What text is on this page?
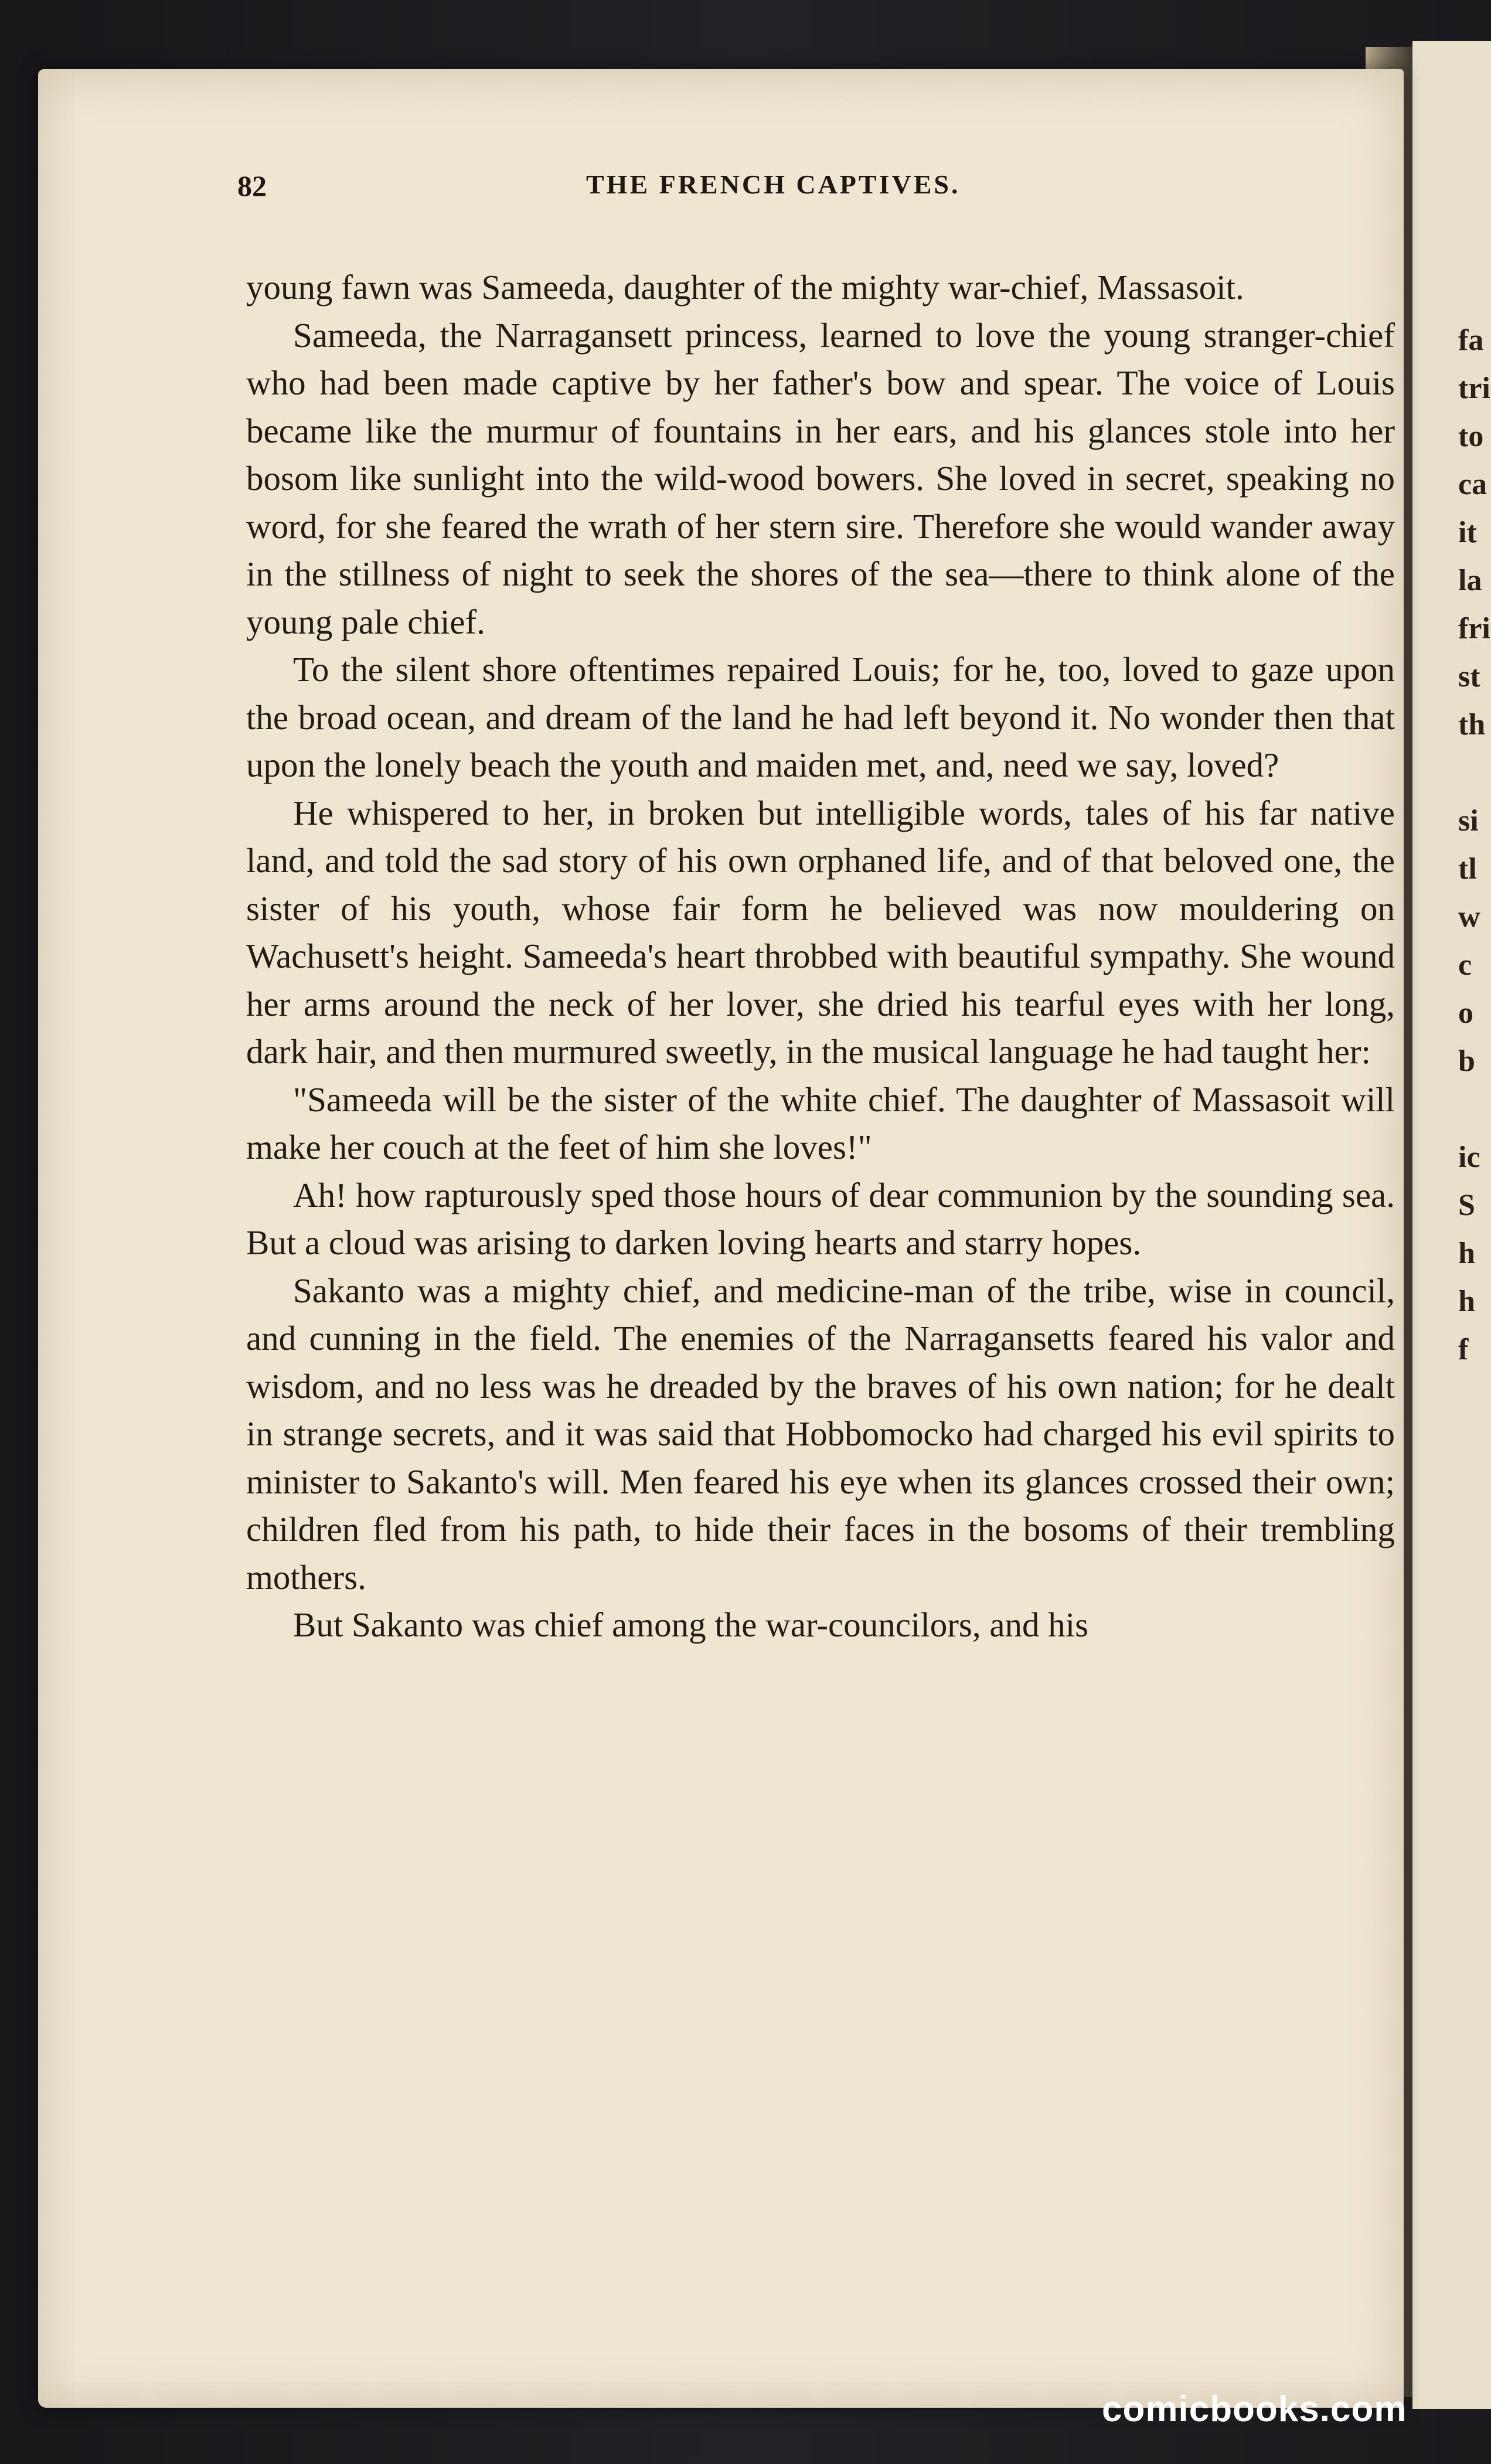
fa
tri
to
ca
it
la
fri
st
th

si
tl
w
c
o
b

ic
S
h
h
f
82	THE FRENCH CAPTIVES.

young fawn was Sameeda, daughter of the mighty war-chief, Massasoit.

Sameeda, the Narragansett princess, learned to love the young stranger-chief who had been made captive by her father's bow and spear. The voice of Louis became like the murmur of fountains in her ears, and his glances stole into her bosom like sunlight into the wild-wood bowers. She loved in secret, speaking no word, for she feared the wrath of her stern sire. Therefore she would wander away in the stillness of night to seek the shores of the sea—there to think alone of the young pale chief.

To the silent shore oftentimes repaired Louis; for he, too, loved to gaze upon the broad ocean, and dream of the land he had left beyond it. No wonder then that upon the lonely beach the youth and maiden met, and, need we say, loved?

He whispered to her, in broken but intelligible words, tales of his far native land, and told the sad story of his own orphaned life, and of that beloved one, the sister of his youth, whose fair form he believed was now mouldering on Wachusett's height. Sameeda's heart throbbed with beautiful sympathy. She wound her arms around the neck of her lover, she dried his tearful eyes with her long, dark hair, and then murmured sweetly, in the musical language he had taught her:

"Sameeda will be the sister of the white chief. The daughter of Massasoit will make her couch at the feet of him she loves!"

Ah! how rapturously sped those hours of dear communion by the sounding sea. But a cloud was arising to darken loving hearts and starry hopes.

Sakanto was a mighty chief, and medicine-man of the tribe, wise in council, and cunning in the field. The enemies of the Narragansetts feared his valor and wisdom, and no less was he dreaded by the braves of his own nation; for he dealt in strange secrets, and it was said that Hobbomocko had charged his evil spirits to minister to Sakanto's will. Men feared his eye when its glances crossed their own; children fled from his path, to hide their faces in the bosoms of their trembling mothers.

But Sakanto was chief among the war-councilors, and his

comicbooks.com
